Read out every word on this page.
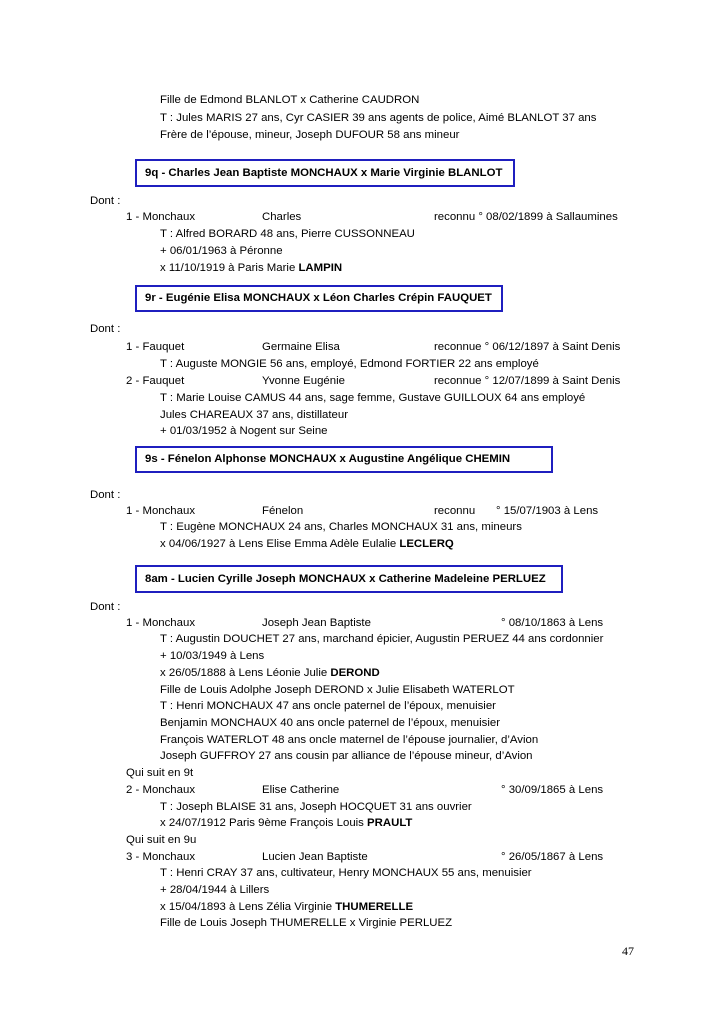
Fille de Edmond BLANLOT x Catherine CAUDRON
T : Jules MARIS 27 ans, Cyr CASIER 39 ans agents de police, Aimé BLANLOT 37 ans
Frère de l’épouse, mineur, Joseph DUFOUR 58 ans mineur
9q - Charles Jean Baptiste MONCHAUX x Marie Virginie BLANLOT
Dont :
1 - Monchaux	Charles	reconnu ° 08/02/1899 à Sallaumines
T : Alfred BORARD 48 ans, Pierre CUSSONNEAU
+ 06/01/1963 à Péronne
x 11/10/1919 à Paris Marie LAMPIN
9r - Eugénie Elisa MONCHAUX x Léon Charles Crépin FAUQUET
Dont :
1 - Fauquet	Germaine Elisa	reconnue ° 06/12/1897 à Saint Denis
T : Auguste MONGIE 56 ans, employé, Edmond FORTIER 22 ans employé
2 - Fauquet	Yvonne Eugénie	reconnue ° 12/07/1899 à Saint Denis
T : Marie Louise CAMUS 44 ans, sage femme, Gustave GUILLOUX 64 ans employé
Jules CHAREAUX 37 ans, distillateur
+ 01/03/1952 à Nogent sur Seine
9s - Fénelon Alphonse MONCHAUX x Augustine Angélique CHEMIN
Dont :
1 - Monchaux	Fénelon	reconnu ° 15/07/1903 à Lens
T : Eugène MONCHAUX 24 ans, Charles MONCHAUX 31 ans, mineurs
x 04/06/1927 à Lens Elise Emma Adèle Eulalie LECLERQ
8am - Lucien Cyrille Joseph MONCHAUX x Catherine Madeleine PERLUEZ
Dont :
1 - Monchaux	Joseph Jean Baptiste	° 08/10/1863 à Lens
T : Augustin DOUCHET 27 ans, marchand épicier, Augustin PERUEZ 44 ans cordonnier
+ 10/03/1949 à Lens
x 26/05/1888 à Lens Léonie Julie DEROND
Fille de Louis Adolphe Joseph DEROND x Julie Elisabeth WATERLOT
T : Henri MONCHAUX 47 ans oncle paternel de l’époux, menuisier
Benjamin MONCHAUX 40 ans oncle paternel de l’époux, menuisier
François WATERLOT 48 ans oncle maternel de l’épouse journalier, d’Avion
Joseph GUFFROY 27 ans cousin par alliance de l’épouse mineur, d’Avion
Qui suit en 9t
2 - Monchaux	Elise Catherine	° 30/09/1865 à Lens
T : Joseph BLAISE 31 ans, Joseph HOCQUET 31 ans ouvrier
x 24/07/1912 Paris 9ème François Louis PRAULT
Qui suit en 9u
3 - Monchaux	Lucien Jean Baptiste	° 26/05/1867 à Lens
T : Henri CRAY 37 ans, cultivateur, Henry MONCHAUX 55 ans, menuisier
+ 28/04/1944 à Lillers
x 15/04/1893 à Lens Zélia Virginie THUMERELLE
Fille de Louis Joseph THUMERELLE x Virginie PERLUEZ
47
